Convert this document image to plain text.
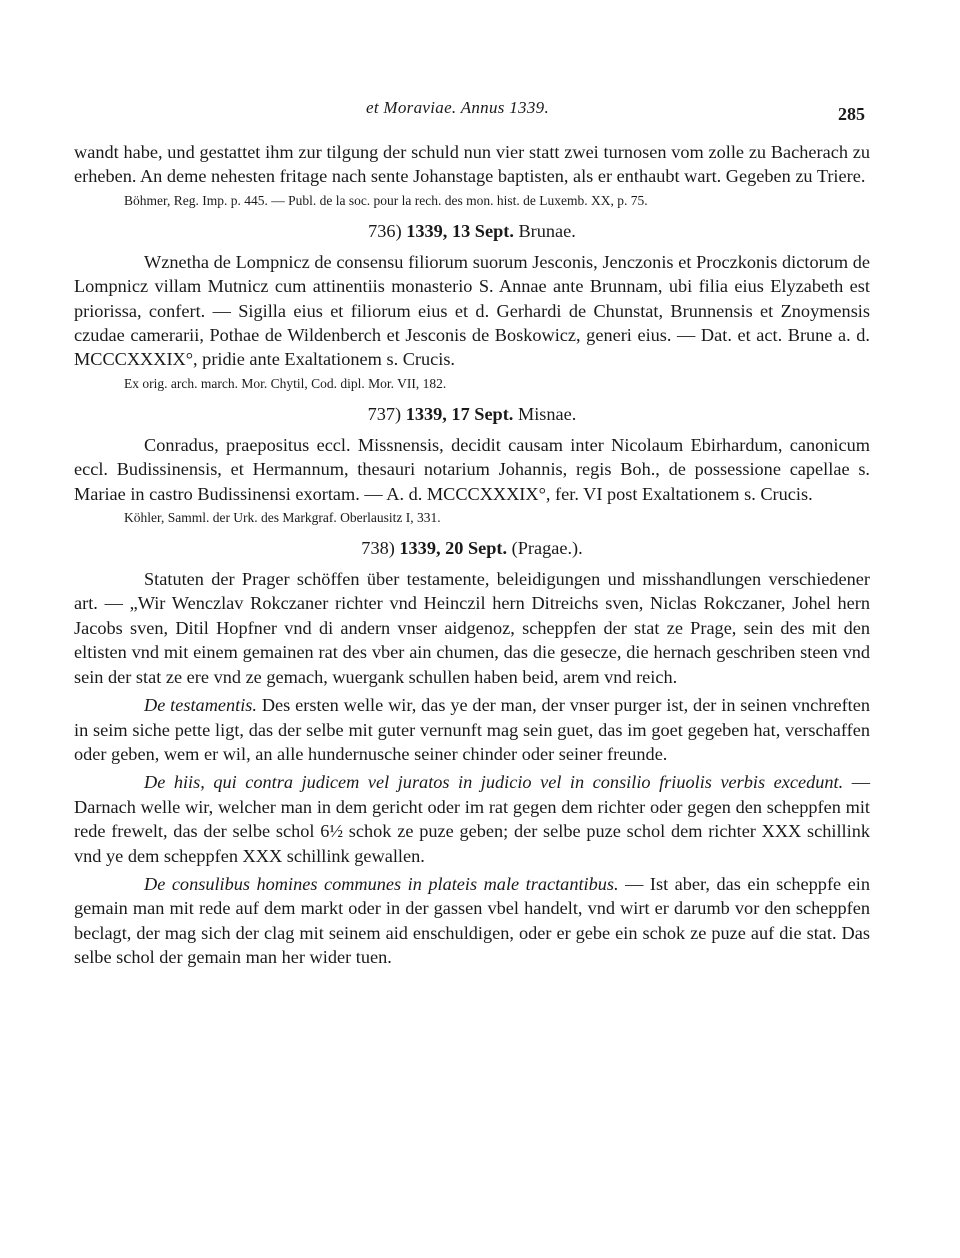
et Moraviae. Annus 1339.	285

wandt habe, und gestattet ihm zur tilgung der schuld nun vier statt zwei turnosen vom zolle zu Bacherach zu erheben. An deme nehesten fritage nach sente Johanstage baptisten, als er enthaubt wart. Gegeben zu Triere.

Böhmer, Reg. Imp. p. 445. — Publ. de la soc. pour la rech. des mon. hist. de Luxemb. XX, p. 75.

736) 1339, 13 Sept. Brunae.

Wznetha de Lompnicz de consensu filiorum suorum Jesconis, Jenczonis et Proczkonis dictorum de Lompnicz villam Mutnicz cum attinentiis monasterio S. Annae ante Brunnam, ubi filia eius Elyzabeth est priorissa, confert. — Sigilla eius et filiorum eius et d. Gerhardi de Chunstat, Brunnensis et Znoymensis czudae camerarii, Pothae de Wildenberch et Jesconis de Boskowicz, generi eius. — Dat. et act. Brune a. d. MCCCXXXIX°, pridie ante Exaltationem s. Crucis.

Ex orig. arch. march. Mor. Chytil, Cod. dipl. Mor. VII, 182.

737) 1339, 17 Sept. Misnae.

Conradus, praepositus eccl. Missnensis, decidit causam inter Nicolaum Ebirhardum, canonicum eccl. Budissinensis, et Hermannum, thesauri notarium Johannis, regis Boh., de possessione capellae s. Mariae in castro Budissinensi exortam. — A. d. MCCCXXXIX°, fer. VI post Exaltationem s. Crucis.

Köhler, Samml. der Urk. des Markgraf. Oberlausitz I, 331.

738) 1339, 20 Sept. (Pragae.).

Statuten der Prager schöffen über testamente, beleidigungen und misshandlungen verschiedener art. — „Wir Wenczlav Rokczaner richter vnd Heinczil hern Ditreichs sven, Niclas Rokczaner, Johel hern Jacobs sven, Ditil Hopfner vnd di andern vnser aidgenoz, scheppfen der stat ze Prage, sein des mit den eltisten vnd mit einem gemainen rat des vber ain chumen, das die gesecze, die hernach geschriben steen vnd sein der stat ze ere vnd ze gemach, wuergank schullen haben beid, arem vnd reich.

De testamentis. Des ersten welle wir, das ye der man, der vnser purger ist, der in seinen vnchreften in seim siche pette ligt, das der selbe mit guter vernunft mag sein guet, das im goet gegeben hat, verschaffen oder geben, wem er wil, an alle hundernusche seiner chinder oder seiner freunde.

De hiis, qui contra judicem vel juratos in judicio vel in consilio friuolis verbis excedunt. — Darnach welle wir, welcher man in dem gericht oder im rat gegen dem richter oder gegen den scheppfen mit rede frewelt, das der selbe schol 6½ schok ze puze geben; der selbe puze schol dem richter XXX schillink vnd ye dem scheppfen XXX schillink gewallen.

De consulibus homines communes in plateis male tractantibus. — Ist aber, das ein scheppfe ein gemain man mit rede auf dem markt oder in der gassen vbel handelt, vnd wirt er darumb vor den scheppfen beclagt, der mag sich der clag mit seinem aid enschuldigen, oder er gebe ein schok ze puze auf die stat. Das selbe schol der gemain man her wider tuen.
